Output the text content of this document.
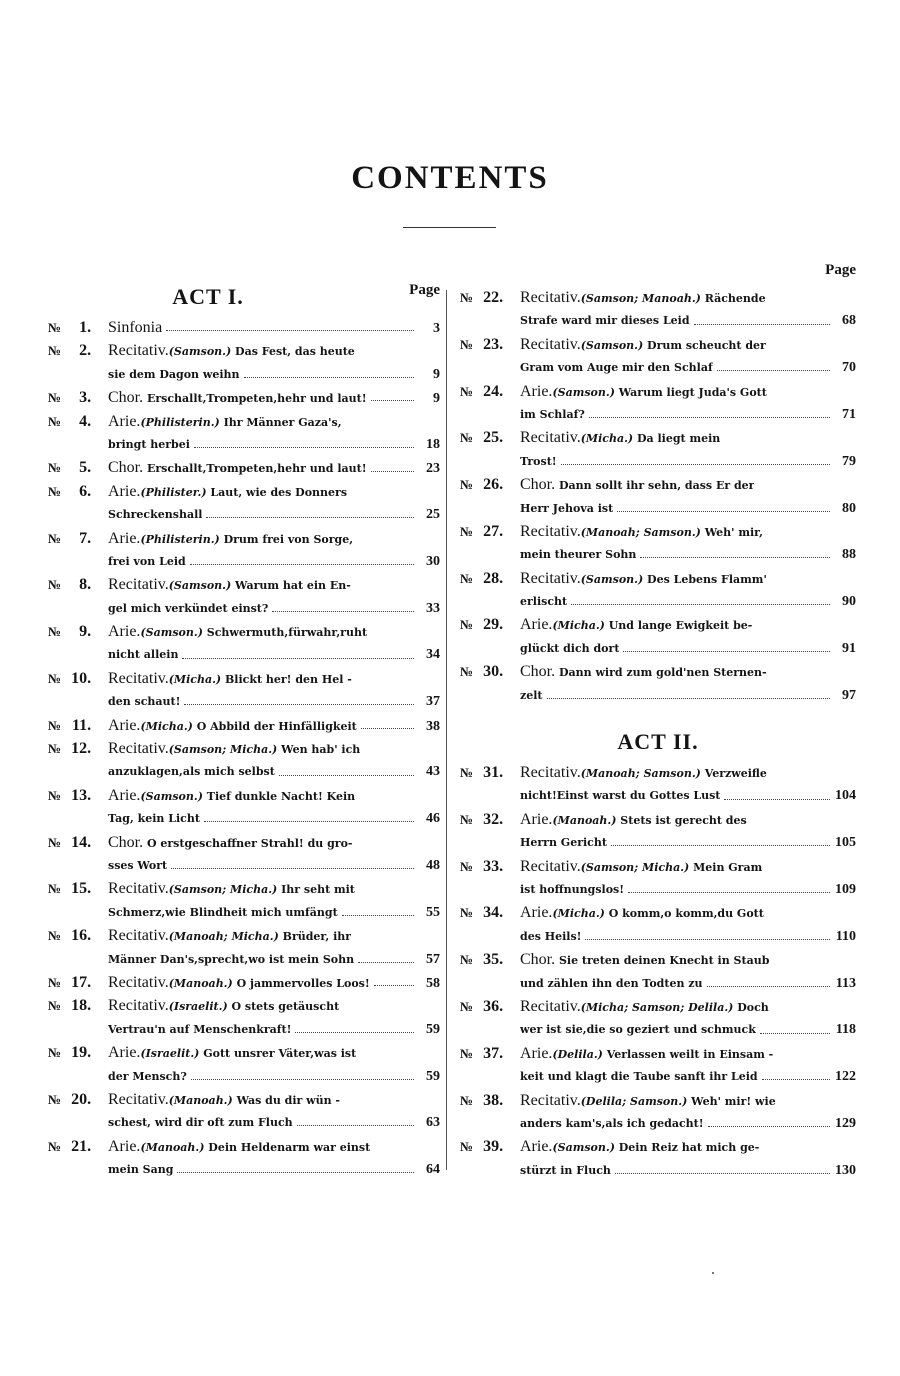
CONTENTS
ACT I.	Page
№ 1.	Sinfonia	3
№ 2.	Recitativ.(Samson.) Das Fest, das heute
sie dem Dagon weihn	9
№ 3.	Chor. Erschallt,Trompeten,hehr und laut!	9
№ 4.	Arie.(Philisterin.) Ihr Männer Gaza's,
bringt herbei	18
№ 5.	Chor. Erschallt,Trompeten,hehr und laut!	23
№ 6.	Arie.(Philister.) Laut, wie des Donners
Schreckenshall	25
№ 7.	Arie.(Philisterin.) Drum frei von Sorge,
frei von Leid	30
№ 8.	Recitativ.(Samson.) Warum hat ein En-
gel mich verkündet einst?	33
№ 9.	Arie.(Samson.) Schwermuth,fürwahr,ruht
nicht allein	34
№ 10.	Recitativ.(Micha.) Blickt her! den Hel -
den schaut!	37
№ 11.	Arie.(Micha.) O Abbild der Hinfälligkeit	38
№ 12.	Recitativ.(Samson; Micha.) Wen hab' ich
anzuklagen,als mich selbst	43
№ 13.	Arie.(Samson.) Tief dunkle Nacht! Kein
Tag, kein Licht	46
№ 14.	Chor. O erstgeschaffner Strahl! du gro-
sses Wort	48
№ 15.	Recitativ.(Samson; Micha.) Ihr seht mit
Schmerz,wie Blindheit mich umfängt	55
№ 16.	Recitativ.(Manoah; Micha.) Brüder, ihr
Männer Dan's,sprecht,wo ist mein Sohn	57
№ 17.	Recitativ.(Manoah.) O jammervolles Loos!	58
№ 18.	Recitativ.(Israelit.) O stets getäuscht
Vertrau'n auf Menschenkraft!	59
№ 19.	Arie.(Israelit.) Gott unsrer Väter,was ist
der Mensch?	59
№ 20.	Recitativ.(Manoah.) Was du dir wün -
schest, wird dir oft zum Fluch	63
№ 21.	Arie.(Manoah.) Dein Heldenarm war einst
mein Sang	64
Page
№ 22.	Recitativ.(Samson; Manoah.) Rächende
Strafe ward mir dieses Leid	68
№ 23.	Recitativ.(Samson.) Drum scheucht der
Gram vom Auge mir den Schlaf	70
№ 24.	Arie.(Samson.) Warum liegt Juda's Gott
im Schlaf?	71
№ 25.	Recitativ.(Micha.) Da liegt mein
Trost!	79
№ 26.	Chor. Dann sollt ihr sehn, dass Er der
Herr Jehova ist	80
№ 27.	Recitativ.(Manoah; Samson.) Weh' mir,
mein theurer Sohn	88
№ 28.	Recitativ.(Samson.) Des Lebens Flamm'
erlischt	90
№ 29.	Arie.(Micha.) Und lange Ewigkeit be-
glückt dich dort	91
№ 30.	Chor. Dann wird zum gold'nen Sternen-
zelt	97
ACT II.
№ 31.	Recitativ.(Manoah; Samson.) Verzweifle
nicht!Einst warst du Gottes Lust	104
№ 32.	Arie.(Manoah.) Stets ist gerecht des
Herrn Gericht	105
№ 33.	Recitativ.(Samson; Micha.) Mein Gram
ist hoffnungslos!	109
№ 34.	Arie.(Micha.) O komm,o komm,du Gott
des Heils!	110
№ 35.	Chor. Sie treten deinen Knecht in Staub
und zählen ihn den Todten zu	113
№ 36.	Recitativ.(Micha; Samson; Delila.) Doch
wer ist sie,die so geziert und schmuck	118
№ 37.	Arie.(Delila.) Verlassen weilt in Einsam -
keit und klagt die Taube sanft ihr Leid	122
№ 38.	Recitativ.(Delila; Samson.) Weh' mir! wie
anders kam's,als ich gedacht!	129
№ 39.	Arie.(Samson.) Dein Reiz hat mich ge-
stürzt in Fluch	130
